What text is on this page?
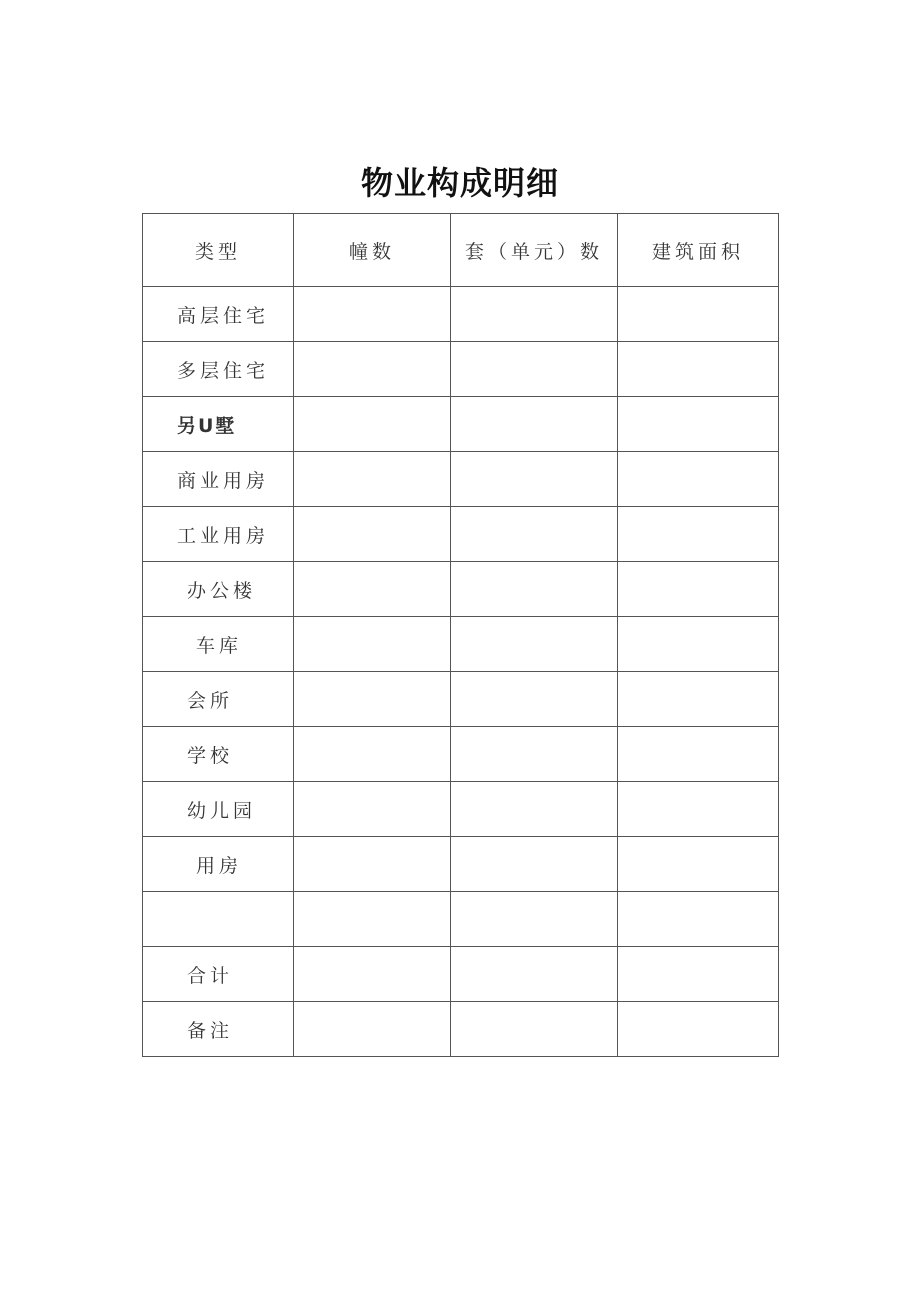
物业构成明细
类型	幢数	套（单元）数	建筑面积
高层住宅			
多层住宅			
另U墅			
商业用房			
工业用房			
办公楼			
车库			
会所			
学校			
幼儿园			
用房			

合计			
备注			
